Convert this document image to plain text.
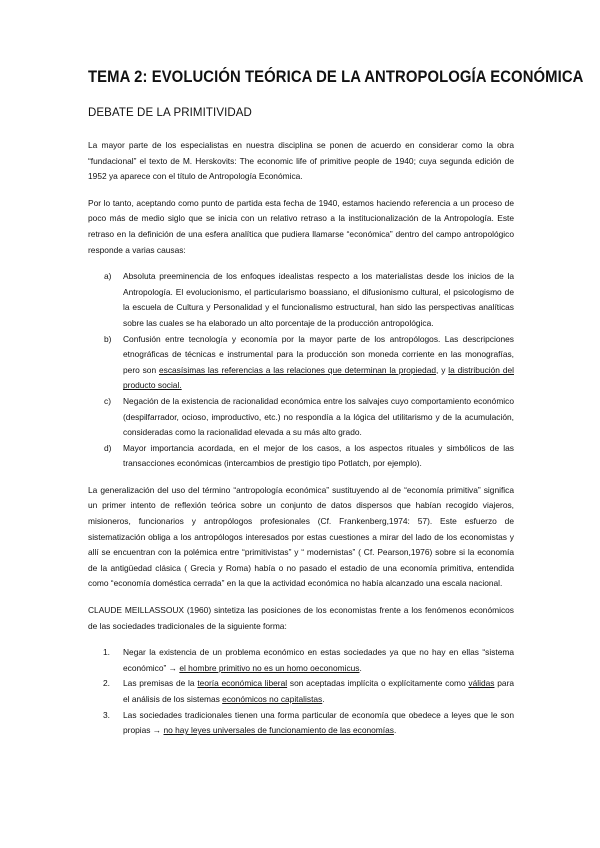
TEMA 2: EVOLUCIÓN TEÓRICA DE LA ANTROPOLOGÍA ECONÓMICA
DEBATE DE LA PRIMITIVIDAD

La mayor parte de los especialistas en nuestra disciplina se ponen de acuerdo en considerar como la obra “fundacional” el texto de M. Herskovits: The economic life of primitive people de 1940; cuya segunda edición de 1952 ya aparece con el título de Antropología Económica.

Por lo tanto, aceptando como punto de partida esta fecha de 1940, estamos haciendo referencia a un proceso de poco más de medio siglo que se inicia con un relativo retraso a la institucionalización de la Antropología. Este retraso en la definición de una esfera analítica que pudiera llamarse “económica” dentro del campo antropológico responde a varias causas:

a) Absoluta preeminencia de los enfoques idealistas respecto a los materialistas desde los inicios de la Antropología. El evolucionismo, el particularismo boassiano, el difusionismo cultural, el psicologismo de la escuela de Cultura y Personalidad y el funcionalismo estructural, han sido las perspectivas analíticas sobre las cuales se ha elaborado un alto porcentaje de la producción antropológica.
b) Confusión entre tecnología y economía por la mayor parte de los antropólogos. Las descripciones etnográficas de técnicas e instrumental para la producción son moneda corriente en las monografías, pero son escasísimas las referencias a las relaciones que determinan la propiedad, y la distribución del producto social.
c) Negación de la existencia de racionalidad económica entre los salvajes cuyo comportamiento económico (despilfarrador, ocioso, improductivo, etc.) no respondía a la lógica del utilitarismo y de la acumulación, consideradas como la racionalidad elevada a su más alto grado.
d) Mayor importancia acordada, en el mejor de los casos, a los aspectos rituales y simbólicos de las transacciones económicas (intercambios de prestigio tipo Potlatch, por ejemplo).

La generalización del uso del término “antropología económica” sustituyendo al de “economía primitiva” significa un primer intento de reflexión teórica sobre un conjunto de datos dispersos que habían recogido viajeros, misioneros, funcionarios y antropólogos profesionales (Cf. Frankenberg,1974: 57). Este esfuerzo de sistematización obliga a los antropólogos interesados por estas cuestiones a mirar del lado de los economistas y allí se encuentran con la polémica entre “primitivistas” y “ modernistas” ( Cf. Pearson,1976) sobre si la economía de la antigüedad clásica ( Grecia y Roma) había o no pasado el estadio de una economía primitiva, entendida como “economía doméstica cerrada” en la que la actividad económica no había alcanzado una escala nacional.

CLAUDE MEILLASSOUX (1960) sintetiza las posiciones de los economistas frente a los fenómenos económicos de las sociedades tradicionales de la siguiente forma:

1. Negar la existencia de un problema económico en estas sociedades ya que no hay en ellas “sistema económico” → el hombre primitivo no es un homo oeconomicus.
2. Las premisas de la teoría económica liberal son aceptadas implícita o explícitamente como válidas para el análisis de los sistemas económicos no capitalistas.
3. Las sociedades tradicionales tienen una forma particular de economía que obedece a leyes que le son propias → no hay leyes universales de funcionamiento de las economías.
